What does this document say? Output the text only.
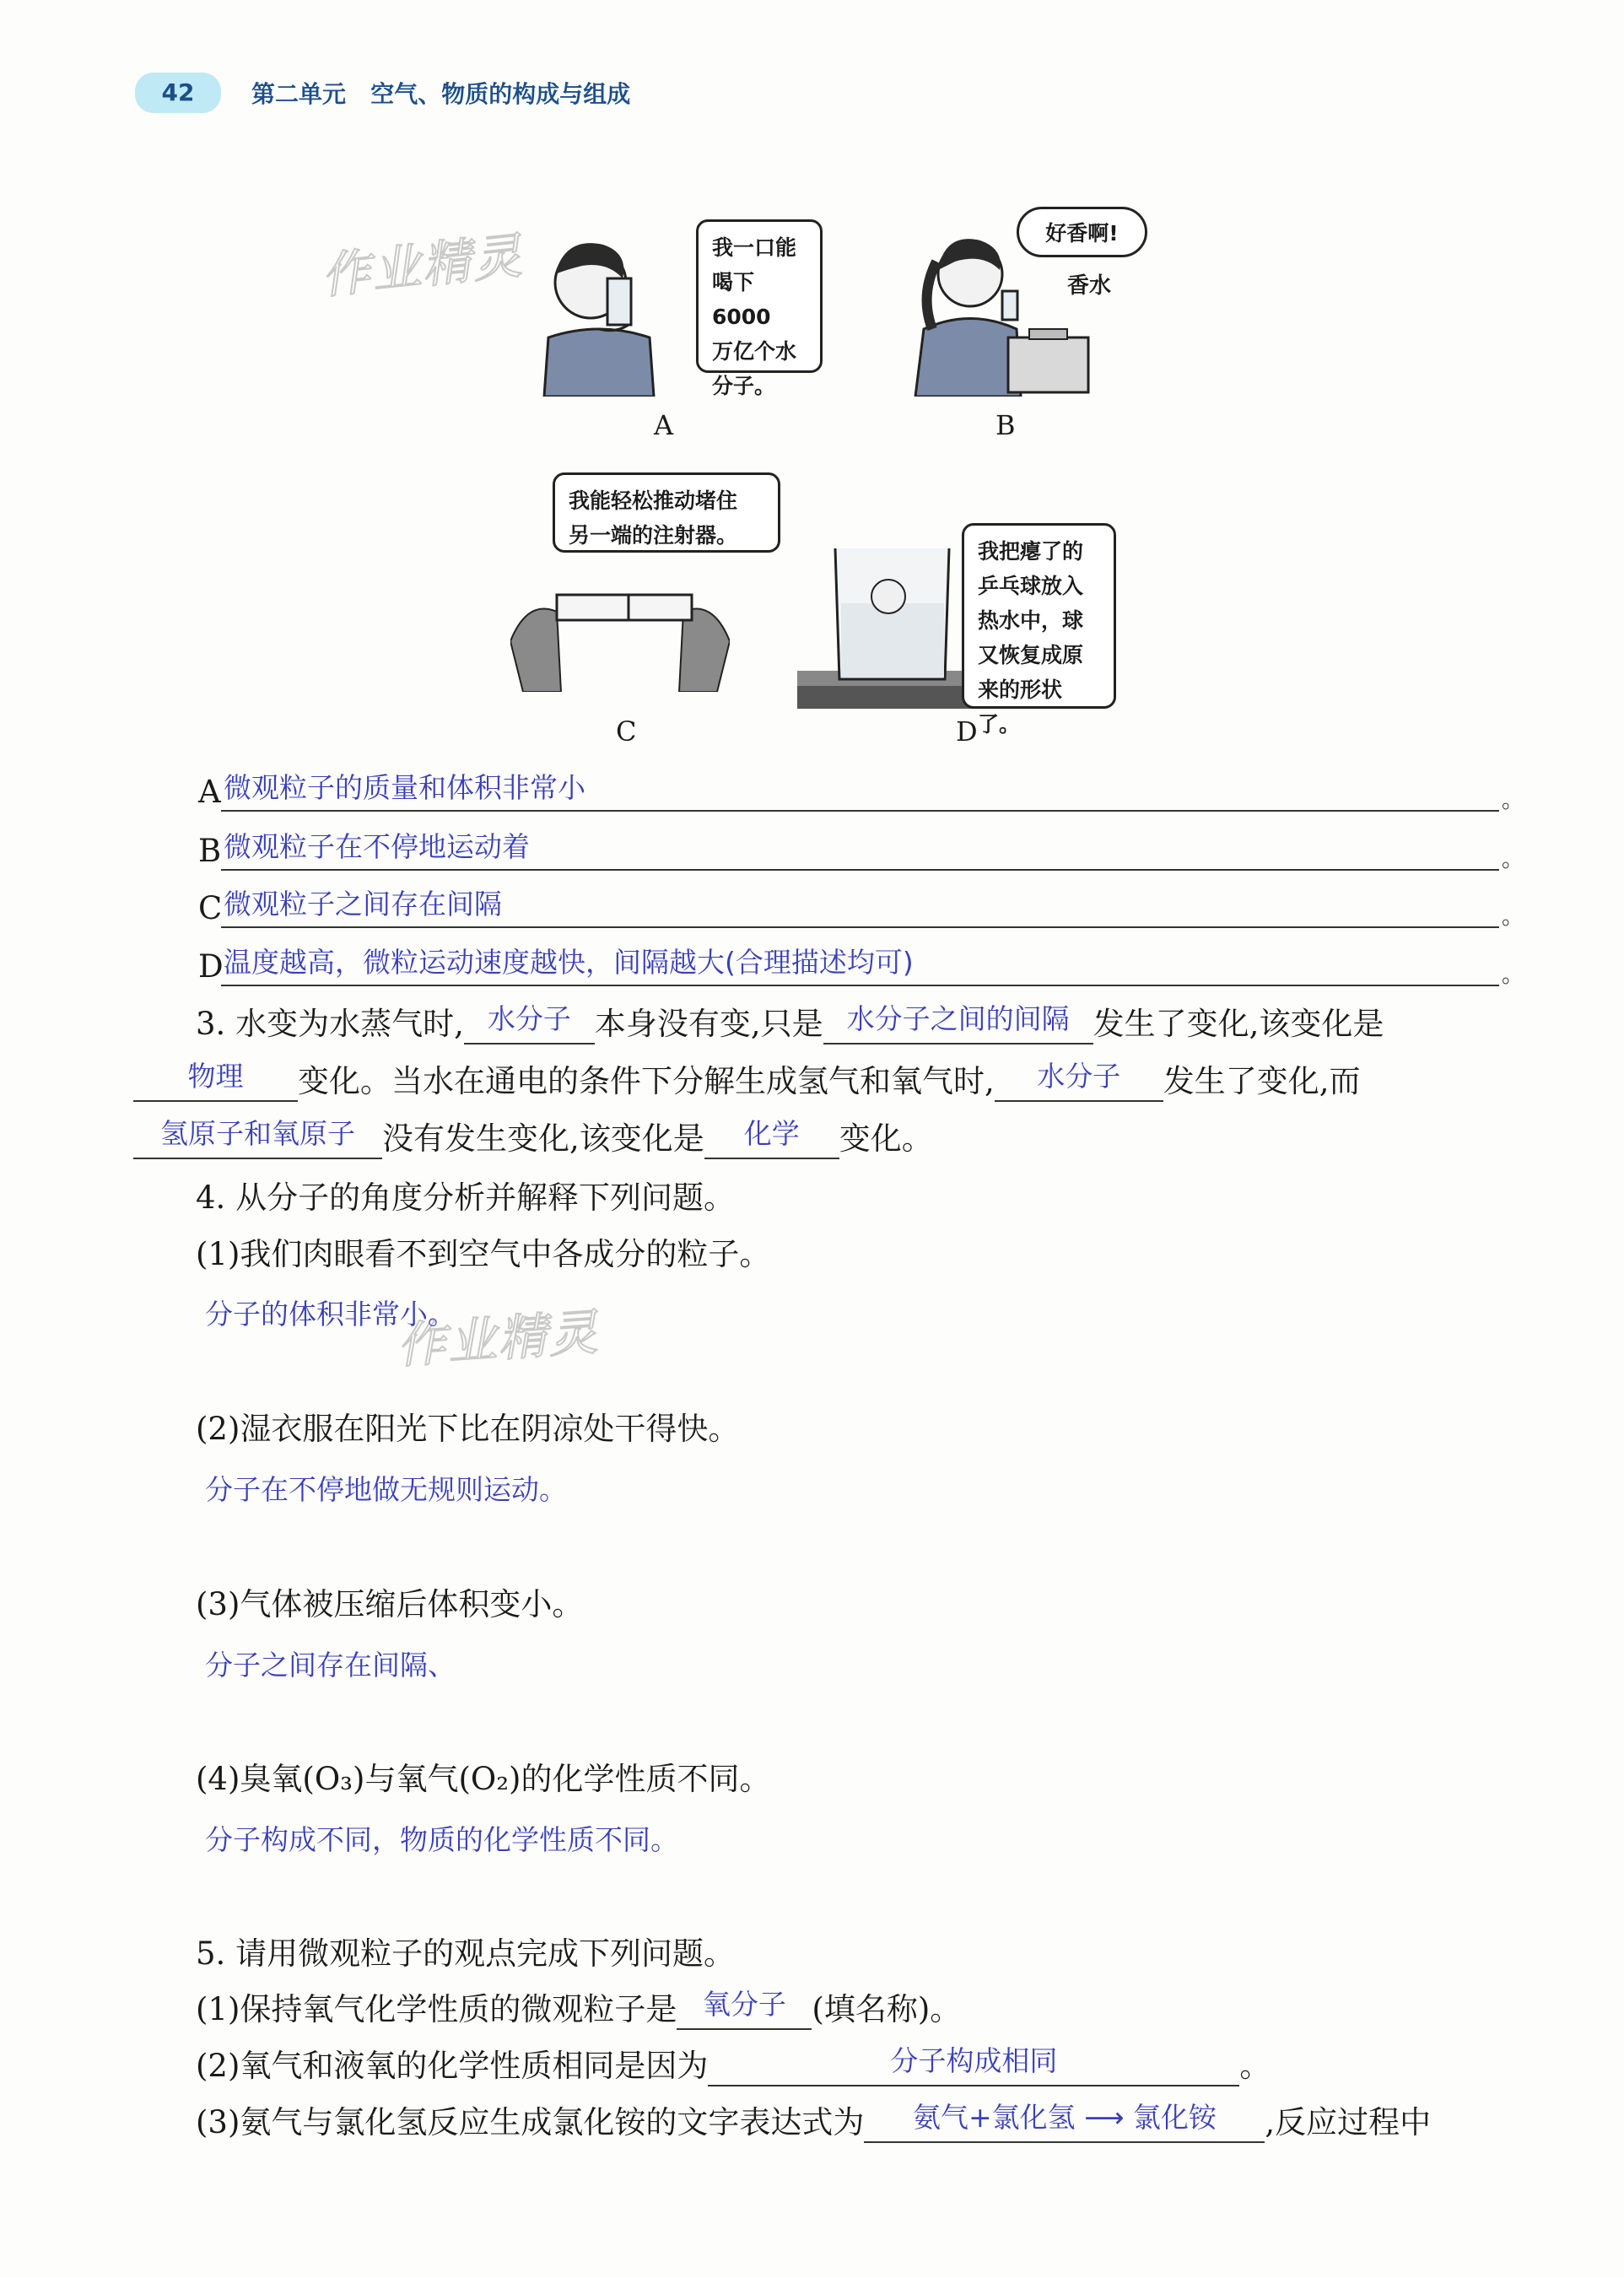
42	第二单元   空气、物质的构成与组成
作业精灵
作业精灵
我一口能
喝下6000
万亿个水
分子。
A
好香啊!
香水
B
我能轻松推动堵住
另一端的注射器。
C
我把瘪了的
乒乓球放入
热水中，球
又恢复成原
来的形状了。
D
A 微观粒子的质量和体积非常小	。
B 微观粒子在不停地运动着	。
C 微观粒子之间存在间隔	。
D 温度越高，微粒运动速度越快，间隔越大(合理描述均可)	。
3. 水变为水蒸气时, 水分子 本身没有变,只是 水分子之间的间隔 发生了变化,该变化是
物理	变化。当水在通电的条件下分解生成氢气和氧气时,	水分子	发生了变化,而
氢原子和氧原子 没有发生变化,该变化是	化学	变化。
4. 从分子的角度分析并解释下列问题。
(1)我们肉眼看不到空气中各成分的粒子。
分子的体积非常小。
(2)湿衣服在阳光下比在阴凉处干得快。
分子在不停地做无规则运动。
(3)气体被压缩后体积变小。
分子之间存在间隔、
(4)臭氧(O₃)与氧气(O₂)的化学性质不同。
分子构成不同，物质的化学性质不同。
5. 请用微观粒子的观点完成下列问题。
(1)保持氧气化学性质的微观粒子是 氧分子 (填名称)。
(2)氧气和液氧的化学性质相同是因为	分子构成相同	。
(3)氨气与氯化氢反应生成氯化铵的文字表达式为	氨气+氯化氢 ⟶ 氯化铵	,反应过程中
